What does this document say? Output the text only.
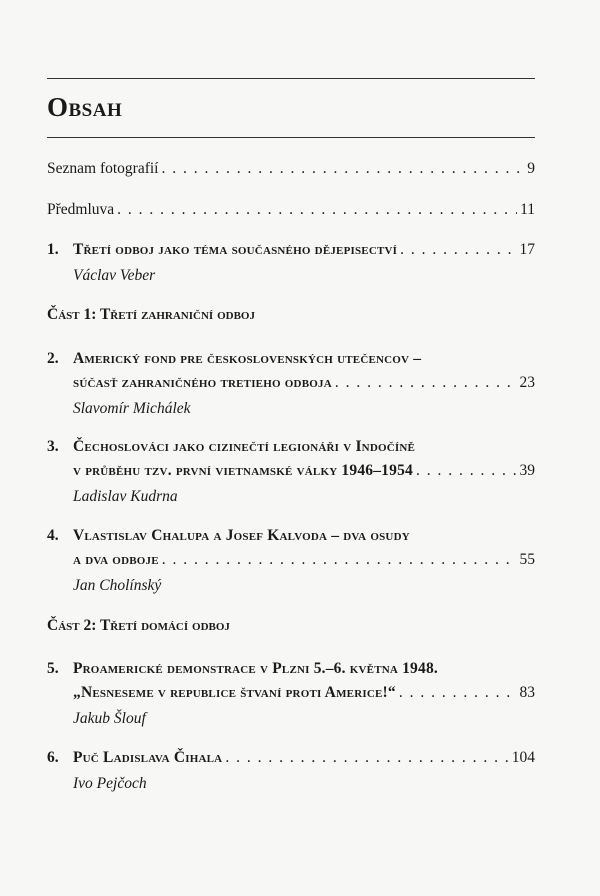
Obsah
Seznam fotografií . . .	9
Předmluva . . .	11
1. Třetí odboj jako téma současného dějepisectví . . .	17
Václav Veber
Část 1: Třetí zahraniční odboj
2. Americký fond pre československých utečencov –
súčasť zahraničného tretieho odboja . . .	23
Slavomír Michálek
3. Čechoslováci jako cizinečtí legionáři v Indočíně
v průběhu tzv. první vietnamské války 1946–1954 . . .	39
Ladislav Kudrna
4. Vlastislav Chalupa a Josef Kalvoda – dva osudy
a dva odboje . . .	55
Jan Cholínský
Část 2: Třetí domácí odboj
5. Proamerické demonstrace v Plzni 5.–6. května 1948.
„Nesneseme v republice štvaní proti Americe!“ . . .	83
Jakub Šlouf
6. Puč Ladislava Čihala . . .	104
Ivo Pejčoch
